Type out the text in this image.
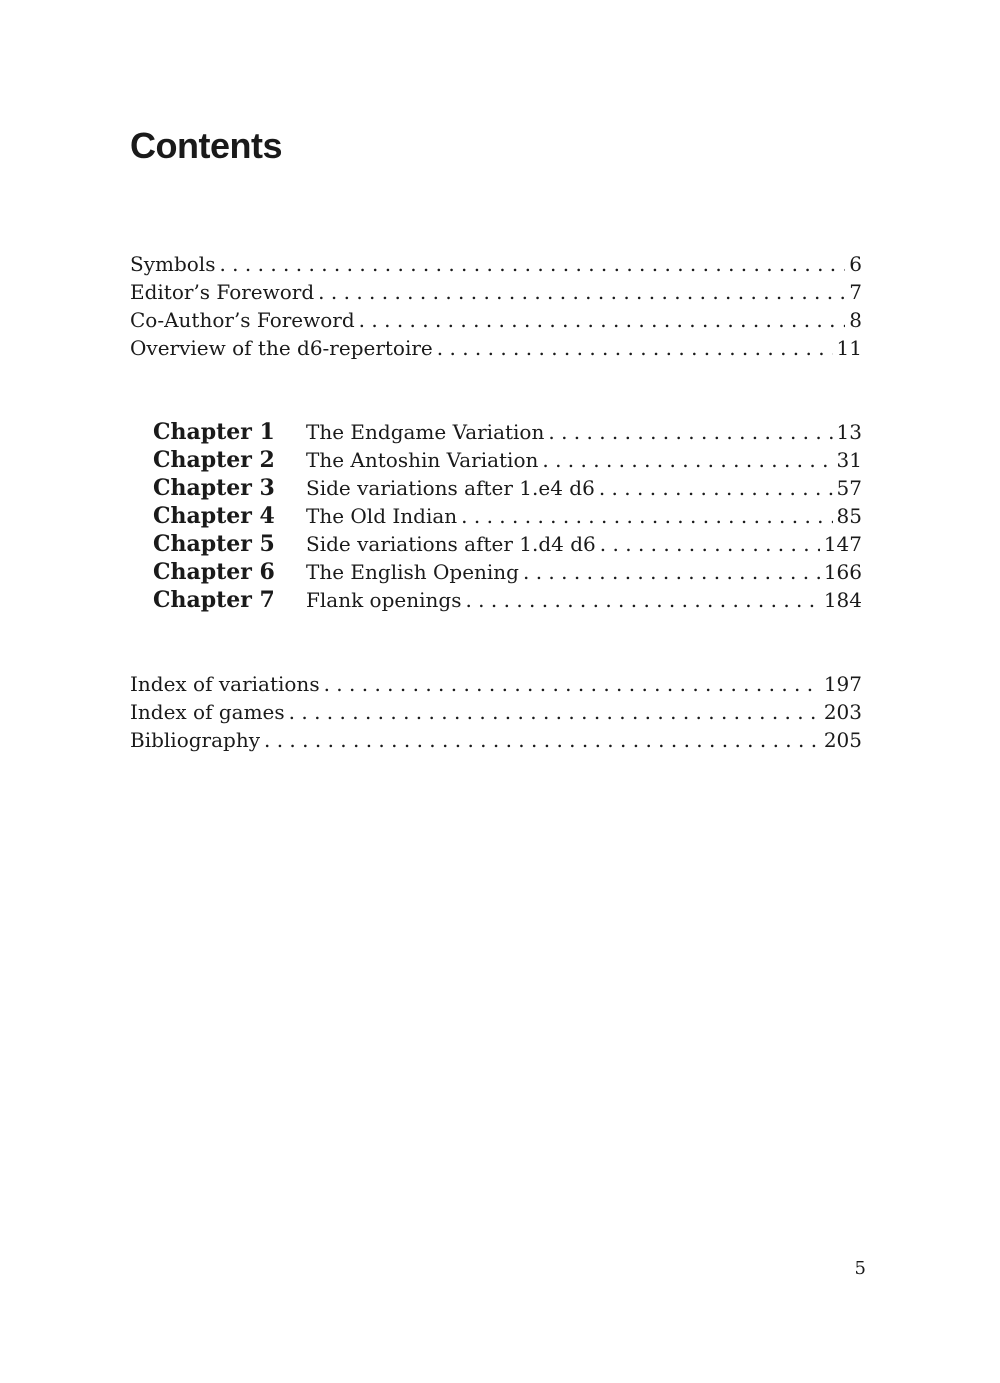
Contents
Symbols . . .	6
Editor’s Foreword . . .	7
Co-Author’s Foreword . . .	8
Overview of the d6-repertoire . . .	11
Chapter 1	The Endgame Variation . . .	13
Chapter 2	The Antoshin Variation . . .	31
Chapter 3	Side variations after 1.e4 d6 . . .	57
Chapter 4	The Old Indian . . .	85
Chapter 5	Side variations after 1.d4 d6 . . .	147
Chapter 6	The English Opening . . .	166
Chapter 7	Flank openings . . .	184
Index of variations . . .	197
Index of games . . .	203
Bibliography . . .	205
5
